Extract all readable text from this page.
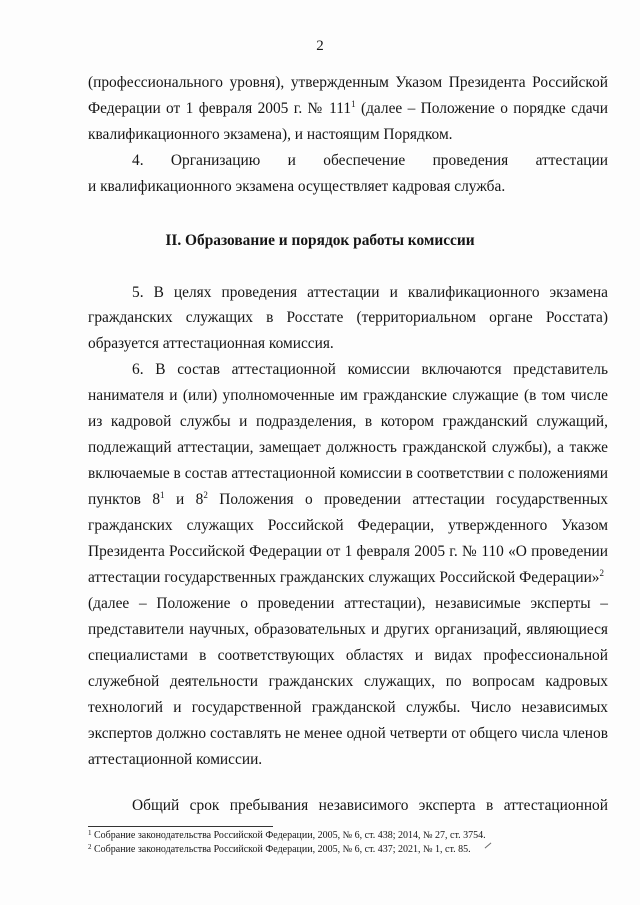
2
(профессионального уровня), утвержденным Указом Президента Российской
Федерации от 1 февраля 2005 г. № $111^1$ (далее – Положение о порядке сдачи
квалификационного экзамена), и настоящим Порядком.
4. Организацию и обеспечение проведения аттестации
и квалификационного экзамена осуществляет кадровая служба.
II. Образование и порядок работы комиссии
5. В целях проведения аттестации и квалификационного экзамена
гражданских служащих в Росстате (территориальном органе Росстата)
образуется аттестационная комиссия.
6. В состав аттестационной комиссии включаются представитель
нанимателя и (или) уполномоченные им гражданские служащие (в том числе
из кадровой службы и подразделения, в котором гражданский служащий,
подлежащий аттестации, замещает должность гражданской службы), а также
включаемые в состав аттестационной комиссии в соответствии с положениями
пунктов $8^1$ и $8^2$ Положения о проведении аттестации государственных
гражданских служащих Российской Федерации, утвержденного Указом
Президента Российской Федерации от 1 февраля 2005 г. № 110 «О проведении
аттестации государственных гражданских служащих Российской Федерации»$^2$
(далее – Положение о проведении аттестации), независимые эксперты –
представители научных, образовательных и других организаций, являющиеся
специалистами в соответствующих областях и видах профессиональной
служебной деятельности гражданских служащих, по вопросам кадровых
технологий и государственной гражданской службы. Число независимых
экспертов должно составлять не менее одной четверти от общего числа членов
аттестационной комиссии.
Общий срок пребывания независимого эксперта в аттестационной
$^1$ Собрание законодательства Российской Федерации, 2005, № 6, ст. 438; 2014, № 27, ст. 3754.
$^2$ Собрание законодательства Российской Федерации, 2005, № 6, ст. 437; 2021, № 1, ст. 85.
